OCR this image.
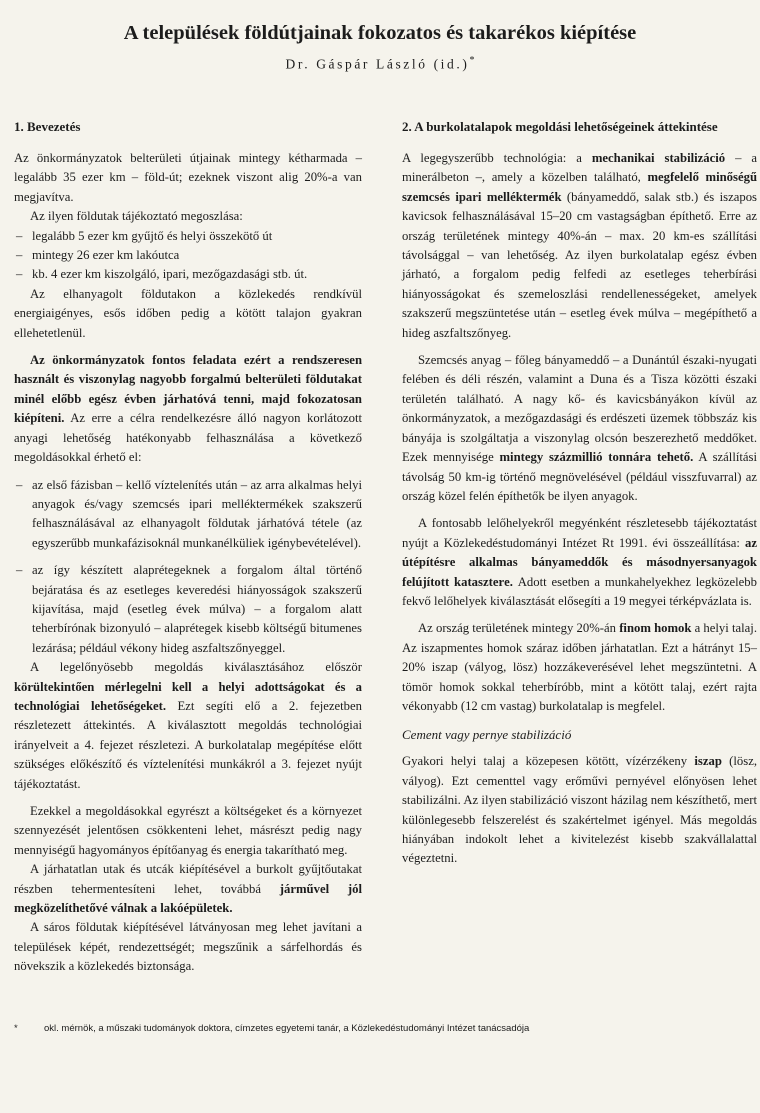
A települések földútjainak fokozatos és takarékos kiépítése
Dr. Gáspár László (id.)*
1. Bevezetés

Az önkormányzatok belterületi útjainak mintegy kétharmada – legalább 35 ezer km – föld-út; ezeknek viszont alig 20%-a van megjavítva.

Az ilyen földutak tájékoztató megoszlása:

– legalább 5 ezer km gyűjtő és helyi összekötő út
– mintegy 26 ezer km lakóutca
– kb. 4 ezer km kiszolgáló, ipari, mezőgazdasági stb. út.

Az elhanyagolt földutakon a közlekedés rendkívül energiaigényes, esős időben pedig a kötött talajon gyakran ellehetetlenül.

Az önkormányzatok fontos feladata ezért a rendszeresen használt és viszonylag nagyobb forgalmú belterületi földutakat minél előbb egész évben járhatóvá tenni, majd fokozatosan kiépíteni. Az erre a célra rendelkezésre álló nagyon korlátozott anyagi lehetőség hatékonyabb felhasználása a következő megoldásokkal érhető el:

– az első fázisban – kellő víztelenítés után – az arra alkalmas helyi anyagok és/vagy szemcsés ipari melléktermékek szakszerű felhasználásával az elhanyagolt földutak járhatóvá tétele (az egyszerűbb munkafázisoknál munkanélküliek igénybevételével).
– az így készített alaprétegeknek a forgalom által történő bejáratása és az esetleges keveredési hiányosságok szakszerű kijavítása, majd (esetleg évek múlva) – a forgalom alatt teherbírónak bizonyuló – alaprétegek kisebb költségű bitumenes lezárása; például vékony hideg aszfaltszőnyeggel.

A legelőnyösebb megoldás kiválasztásához először körültekintően mérlegelni kell a helyi adottságokat és a technológiai lehetőségeket. Ezt segíti elő a 2. fejezetben részletezett áttekintés. A kiválasztott megoldás technológiai irányelveit a 4. fejezet részletezi. A burkolatalap megépítése előtt szükséges előkészítő és víztelenítési munkákról a 3. fejezet nyújt tájékoztatást.

Ezekkel a megoldásokkal egyrészt a költségeket és a környezet szennyezését jelentősen csökkenteni lehet, másrészt pedig nagy mennyiségű hagyományos építőanyag és energia takarítható meg.

A járhatatlan utak és utcák kiépítésével a burkolt gyűjtőutakat részben tehermentesíteni lehet, továbbá járművel jól megközelíthetővé válnak a lakóépületek.

A sáros földutak kiépítésével látványosan meg lehet javítani a települések képét, rendezettségét; megszűnik a sárfelhordás és növekszik a közlekedés biztonsága.

2. A burkolatalapok megoldási lehetőségeinek áttekintése

A legegyszerűbb technológia: a mechanikai stabilizáció – a minerálbeton –, amely a közelben található, megfelelő minőségű szemcsés ipari melléktermék (bányameddő, salak stb.) és iszapos kavicsok felhasználásával 15–20 cm vastagságban építhető. Erre az ország területének mintegy 40%-án – max. 20 km-es szállítási távolsággal – van lehetőség. Az ilyen burkolatalap egész évben járható, a forgalom pedig felfedi az esetleges teherbírási hiányosságokat és szemeloszlási rendellenességeket, amelyek szakszerű megszüntetése után – esetleg évek múlva – megépíthető a hideg aszfaltszőnyeg.

Szemcsés anyag – főleg bányameddő – a Dunántúl északi-nyugati felében és déli részén, valamint a Duna és a Tisza közötti északi területén található. A nagy kő- és kavicsbányákon kívül az önkormányzatok, a mezőgazdasági és erdészeti üzemek többszáz kis bányája is szolgáltatja a viszonylag olcsón beszerezhető meddőket. Ezek mennyisége mintegy százmillió tonnára tehető. A szállítási távolság 50 km-ig történő megnövelésével (például visszfuvarral) az ország közel felén építhetők be ilyen anyagok.

A fontosabb lelőhelyekről megyénként részletesebb tájékoztatást nyújt a Közlekedéstudományi Intézet Rt 1991. évi összeállítása: az útépítésre alkalmas bányameddők és másodnyersanyagok felújított kataszterе. Adott esetben a munkahelyekhez legközelebb fekvő lelőhelyek kiválasztását elősegíti a 19 megyei térképvázlata is.

Az ország területének mintegy 20%-án finom homok a helyi talaj. Az iszapmentes homok száraz időben járhatatlan. Ezt a hátrányt 15–20% iszap (vályog, lösz) hozzákeverésével lehet megszüntetni. A tömör homok sokkal teherbíróbb, mint a kötött talaj, ezért rajta vékonyabb (12 cm vastag) burkolatalap is megfelel.

Cement vagy pernye stabilizáció

Gyakori helyi talaj a közepesen kötött, vízérzékeny iszap (lösz, vályog). Ezt cementtel vagy erőművi pernyével előnyösen lehet stabilizálni. Az ilyen stabilizáció viszont házilag nem készíthető, mert különlegesebb felszerelést és szakértelmet igényel. Más megoldás hiányában indokolt lehet a kivitelezést kisebb szakvállalattal végeztetni.

*	okl. mérnök, a műszaki tudományok doktora, címzetes egyetemi tanár, a Közlekedéstudományi Intézet tanácsadója
